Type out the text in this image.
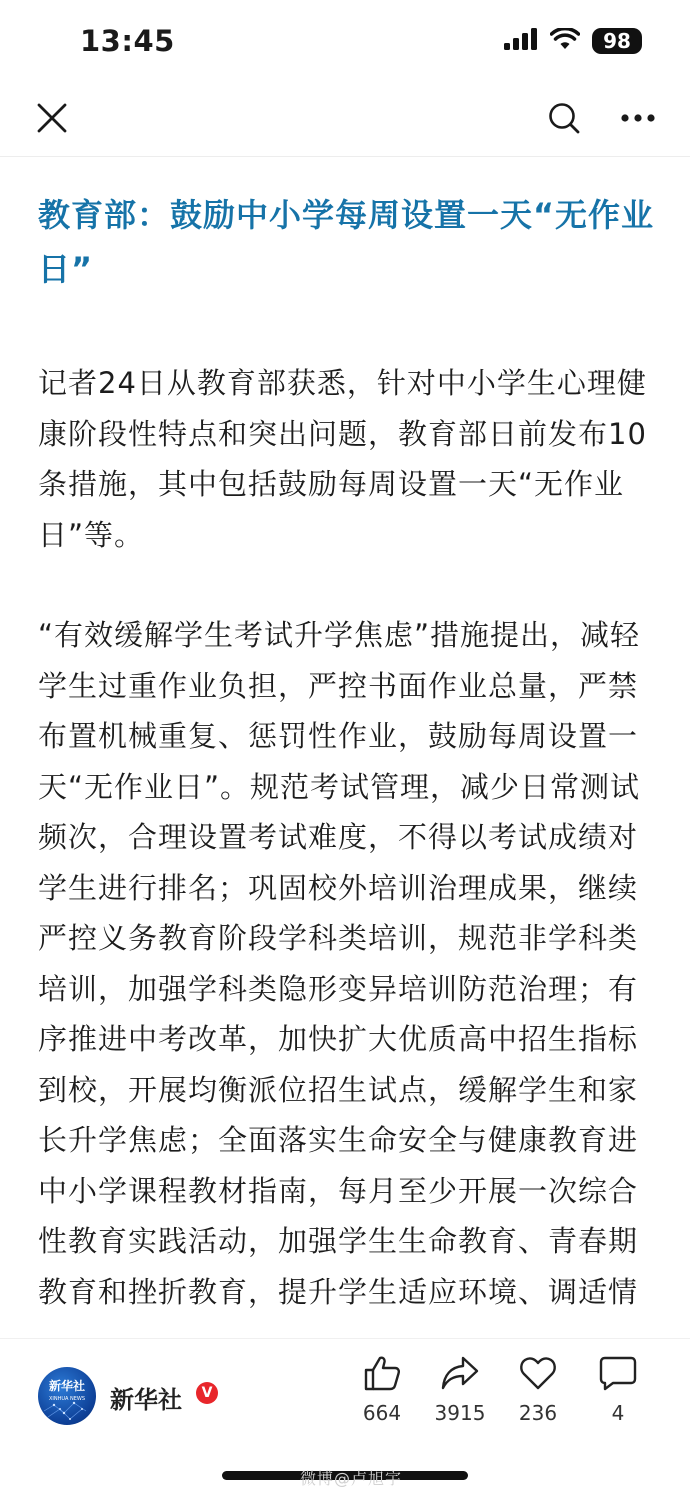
13:45	98
教育部：鼓励中小学每周设置一天“无作业日”

记者24日从教育部获悉，针对中小学生心理健康阶段性特点和突出问题，教育部日前发布10条措施，其中包括鼓励每周设置一天“无作业日”等。

“有效缓解学生考试升学焦虑”措施提出，减轻学生过重作业负担，严控书面作业总量，严禁布置机械重复、惩罚性作业，鼓励每周设置一天“无作业日”。规范考试管理，减少日常测试频次，合理设置考试难度，不得以考试成绩对学生进行排名；巩固校外培训治理成果，继续严控义务教育阶段学科类培训，规范非学科类培训，加强学科类隐形变异培训防范治理；有序推进中考改革，加快扩大优质高中招生指标到校，开展均衡派位招生试点，缓解学生和家长升学焦虑；全面落实生命安全与健康教育进中小学课程教材指南，每月至少开展一次综合性教育实践活动，加强学生生命教育、青春期教育和挫折教育，提升学生适应环境、调适情

新华社
XINHUA NEWS	新华社	V
664	3915	236	4
微博@卢旭宇
